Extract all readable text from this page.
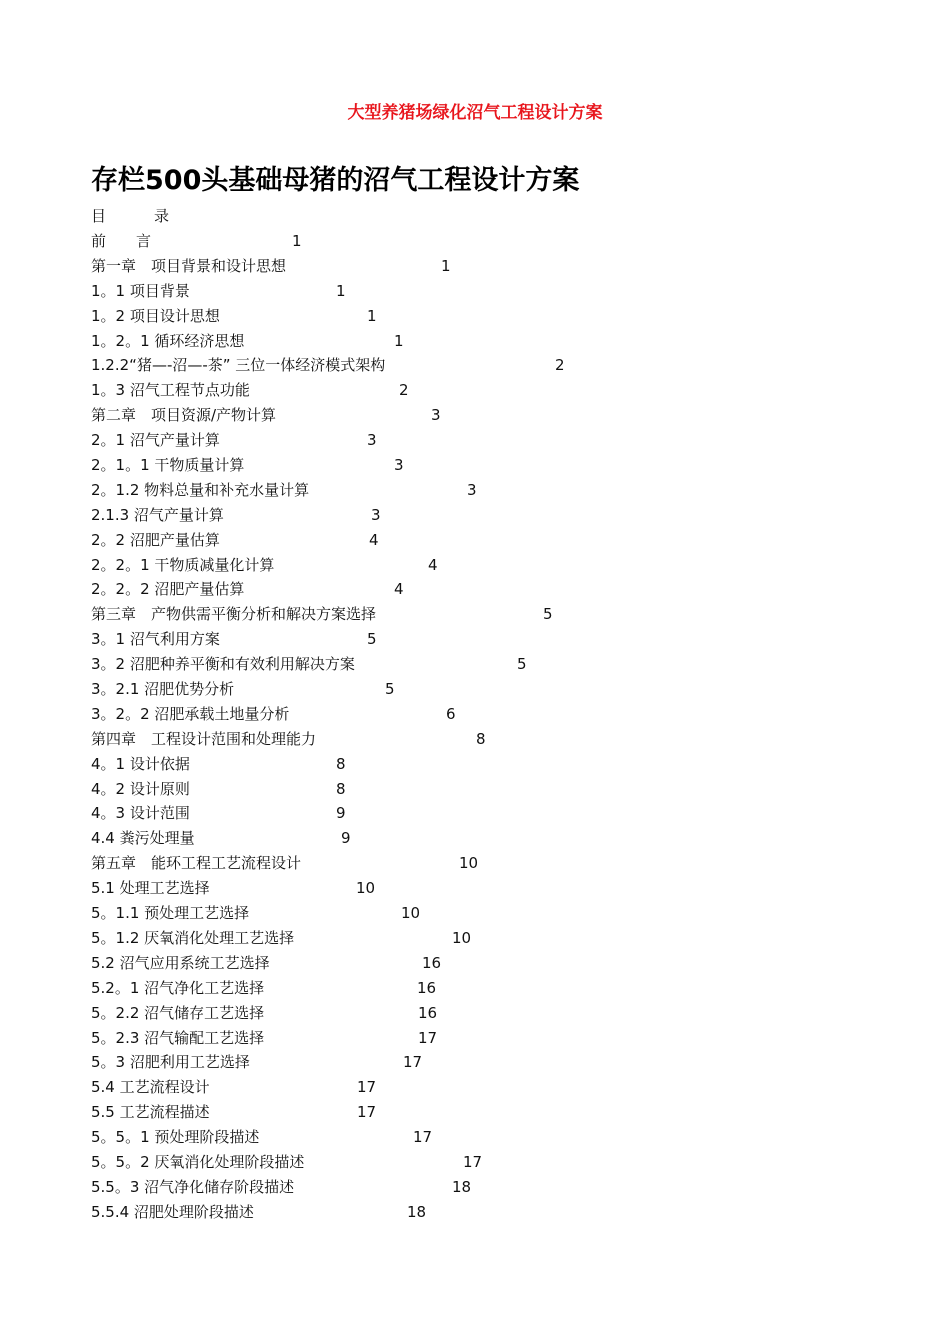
大型养猪场绿化沼气工程设计方案
存栏500头基础母猪的沼气工程设计方案
目	录
前　　言	1
第一章　项目背景和设计思想	1
1。1 项目背景	1
1。2 项目设计思想	1
1。2。1 循环经济思想	1
1.2.2“猪—-沼—-茶” 三位一体经济模式架构	2
1。3 沼气工程节点功能	2
第二章　项目资源/产物计算	3
2。1 沼气产量计算	3
2。1。1 干物质量计算	3
2。1.2 物料总量和补充水量计算	3
2.1.3 沼气产量计算	3
2。2 沼肥产量估算	4
2。2。1 干物质减量化计算	4
2。2。2 沼肥产量估算	4
第三章　产物供需平衡分析和解决方案选择	5
3。1 沼气利用方案	5
3。2 沼肥种养平衡和有效利用解决方案	5
3。2.1 沼肥优势分析	5
3。2。2 沼肥承载土地量分析	6
第四章　工程设计范围和处理能力	8
4。1 设计依据	8
4。2 设计原则	8
4。3 设计范围	9
4.4 粪污处理量	9
第五章　能环工程工艺流程设计	10
5.1 处理工艺选择	10
5。1.1 预处理工艺选择	10
5。1.2 厌氧消化处理工艺选择	10
5.2 沼气应用系统工艺选择	16
5.2。1 沼气净化工艺选择	16
5。2.2 沼气储存工艺选择	16
5。2.3 沼气输配工艺选择	17
5。3 沼肥利用工艺选择	17
5.4 工艺流程设计	17
5.5 工艺流程描述	17
5。5。1 预处理阶段描述	17
5。5。2 厌氧消化处理阶段描述	17
5.5。3 沼气净化储存阶段描述	18
5.5.4 沼肥处理阶段描述	18
